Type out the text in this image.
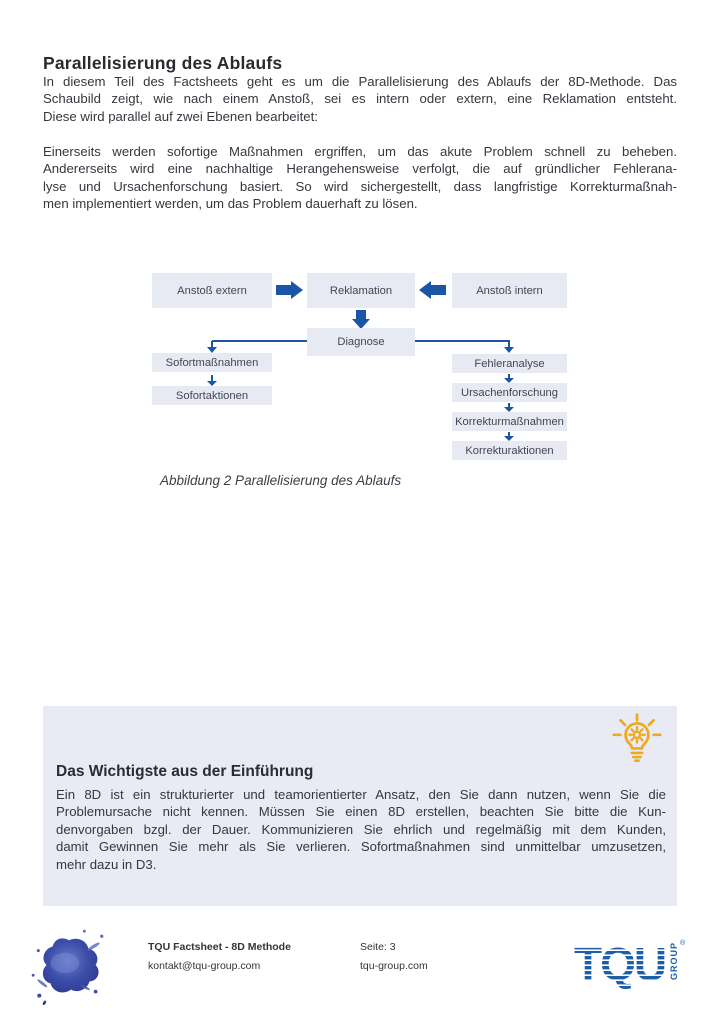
Parallelisierung des Ablaufs
In diesem Teil des Factsheets geht es um die Parallelisierung des Ablaufs der 8D-Methode. Das
Schaubild zeigt, wie nach einem Anstoß, sei es intern oder extern, eine Reklamation entsteht.
Diese wird parallel auf zwei Ebenen bearbeitet:
Einerseits werden sofortige Maßnahmen ergriffen, um das akute Problem schnell zu beheben.
Andererseits wird eine nachhaltige Herangehensweise verfolgt, die auf gründlicher Fehlerana-
lyse und Ursachenforschung basiert. So wird sichergestellt, dass langfristige Korrekturmaßnah-
men implementiert werden, um das Problem dauerhaft zu lösen.
Anstoß extern	Reklamation	Anstoß intern
Diagnose
Sofortmaßnahmen
Sofortaktionen
Fehleranalyse
Ursachenforschung
Korrekturmaßnahmen
Korrekturaktionen
Abbildung 2 Parallelisierung des Ablaufs
Das Wichtigste aus der Einführung
Ein 8D ist ein strukturierter und teamorientierter Ansatz, den Sie dann nutzen, wenn Sie die
Problemursache nicht kennen. Müssen Sie einen 8D erstellen, beachten Sie bitte die Kun-
denvorgaben bzgl. der Dauer. Kommunizieren Sie ehrlich und regelmäßig mit dem Kunden,
damit Gewinnen Sie mehr als Sie verlieren. Sofortmaßnahmen sind unmittelbar umzusetzen,
mehr dazu in D3.
TQU Factsheet - 8D Methode
kontakt@tqu-group.com
Seite: 3
tqu-group.com	TQU GROUP ®
